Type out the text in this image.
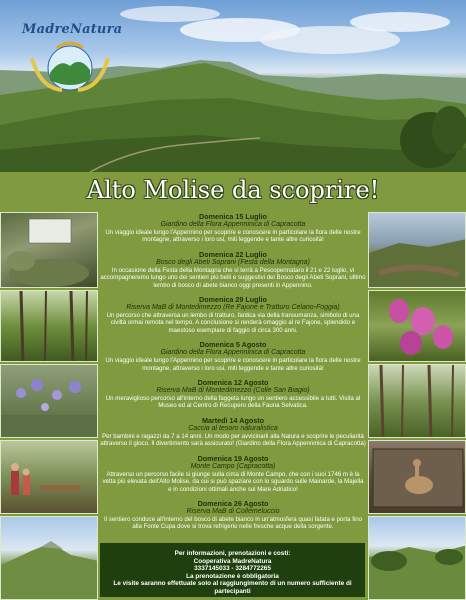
MadreNatura
Alto Molise da scoprire!
Domenica 15 Luglio
Giardino della Flora Appenninica di Capracotta
Un viaggio ideale lungo l'Appennino per scoprire e conoscere in particolare la flora delle nostre montagne, attraverso i loro usi, miti leggende e tante altre curiosità!
Domenica 22 Luglio
Bosco degli Abeti Soprani (Festa della Montagna)
In occasione della Festa della Montagna che si terrà a Pescopennataro il 21 e 22 luglio, vi accompagneremo lungo uno dei sentieri più belli e suggestivi del Bosco degli Abeti Soprani, ultimo lembo di bosco di abete bianco oggi presenti in Appennino.
Domenica 29 Luglio
Riserva MaB di Montedimezzo (Re Fajone e Tratturo Celano-Foggia)
Un percorso che attraversa un lembo di tratturo, fantica via della transumanza, simbolo di una civiltà ormai remota nel tempo. A conclusione si renderà omaggio al re Fajone, splendido e maestoso esemplare di faggio di circa 300 anni.
Domenica 5 Agosto
Giardino della Flora Appenninica di Capracotta
Un viaggio ideale lungo l'Appennino per scoprire e conoscere in particolare la flora delle nostre montagne, attraverso i loro usi, miti leggende e tante altre curiosità!
Domenica 12 Agosto
Riserva MaB di Montedimezzo (Colle San Biagio)
Un meraviglioso percorso all'interno della faggeta lungo un sentiero accessibile a tutti. Visita al Museo ed al Centro di Recupero della Fauna Selvatica.
Martedì 14 Agosto
Caccia al tesoro naturalistica
Per bambini e ragazzi da 7 a 14 anni. Un modo per avvicinarli alla Natura e scoprire le peculiarità attraverso il gioco. Il divertimento sarà assicurato! (Giardino della Flora Appenninica di Capracotta)
Domenica 19 Agosto
Monte Campo (Capracotta)
Attraverso un percorso facile si giunge sulla cima di Monte Campo, che con i suoi 1746 m è la vetta più elevata dell'Alto Molise, da cui si può spaziare con lo sguardo sulle Mainarde, la Majella e in condizioni ottimali anche sul Mare Adriatico!
Domenica 26 Agosto
Riserva MaB di Collemeluccio
Il sentiero conduce all'interno del bosco di abete bianco in un'atmosfera quasi fatata e porta fino alla Fonte Cupa dove si trova refrigerio nelle fresche acque della sorgente.
Per informazioni, prenotazioni e costi:
Cooperativa MadreNatura
3337145033 - 3284772265
La prenotazione è obbligatoria
Le visite saranno effettuate solo al raggiungimento di un numero sufficiente di partecipanti
